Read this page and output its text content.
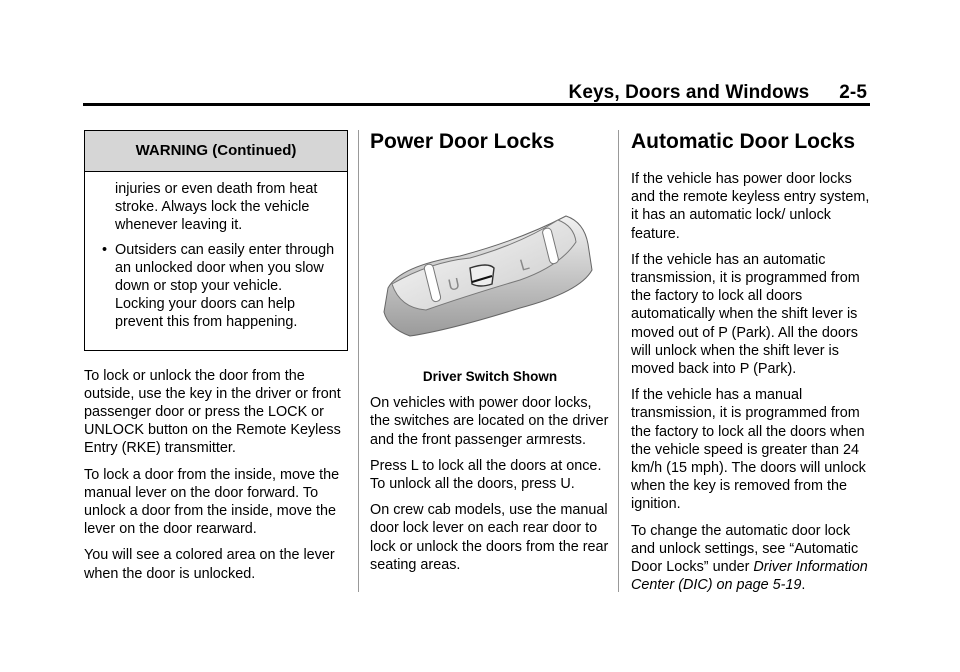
Keys, Doors and Windows 2-5
WARNING (Continued)

injuries or even death from heat stroke. Always lock the vehicle whenever leaving it.

• Outsiders can easily enter through an unlocked door when you slow down or stop your vehicle. Locking your doors can help prevent this from happening.

To lock or unlock the door from the outside, use the key in the driver or front passenger door or press the LOCK or UNLOCK button on the Remote Keyless Entry (RKE) transmitter.

To lock a door from the inside, move the manual lever on the door forward. To unlock a door from the inside, move the lever on the door rearward.

You will see a colored area on the lever when the door is unlocked.

Power Door Locks
U
L

Driver Switch Shown

On vehicles with power door locks, the switches are located on the driver and the front passenger armrests.

Press L to lock all the doors at once. To unlock all the doors, press U.

On crew cab models, use the manual door lock lever on each rear door to lock or unlock the doors from the rear seating areas.

Automatic Door Locks

If the vehicle has power door locks and the remote keyless entry system, it has an automatic lock/ unlock feature.

If the vehicle has an automatic transmission, it is programmed from the factory to lock all doors automatically when the shift lever is moved out of P (Park). All the doors will unlock when the shift lever is moved back into P (Park).

If the vehicle has a manual transmission, it is programmed from the factory to lock all the doors when the vehicle speed is greater than 24 km/h (15 mph). The doors will unlock when the key is removed from the ignition.

To change the automatic door lock and unlock settings, see “Automatic Door Locks” under Driver Information Center (DIC) on page 5-19.
